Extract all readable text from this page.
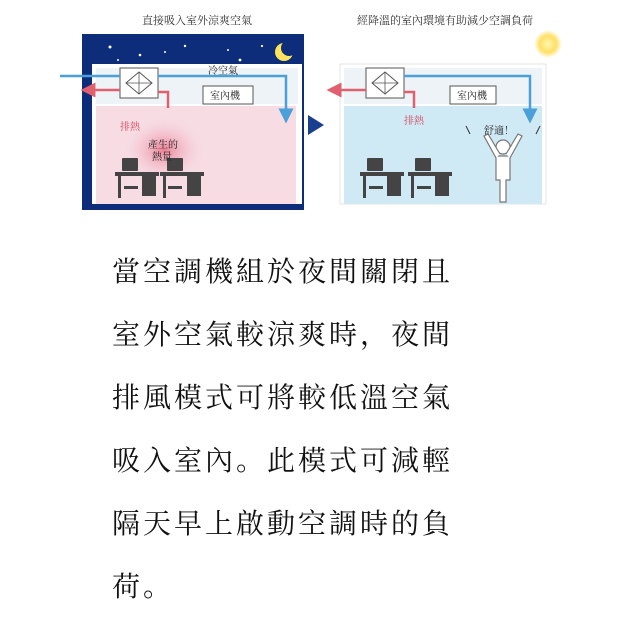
直接吸入室外涼爽空氣	經降溫的室內環境有助減少空調負荷
冷空氣
室內機
排熱
產生的
熱量
室內機
排熱
舒適！
當空調機組於夜間關閉且
室外空氣較涼爽時，夜間
排風模式可將較低溫空氣
吸入室內。此模式可減輕
隔天早上啟動空調時的負
荷。
